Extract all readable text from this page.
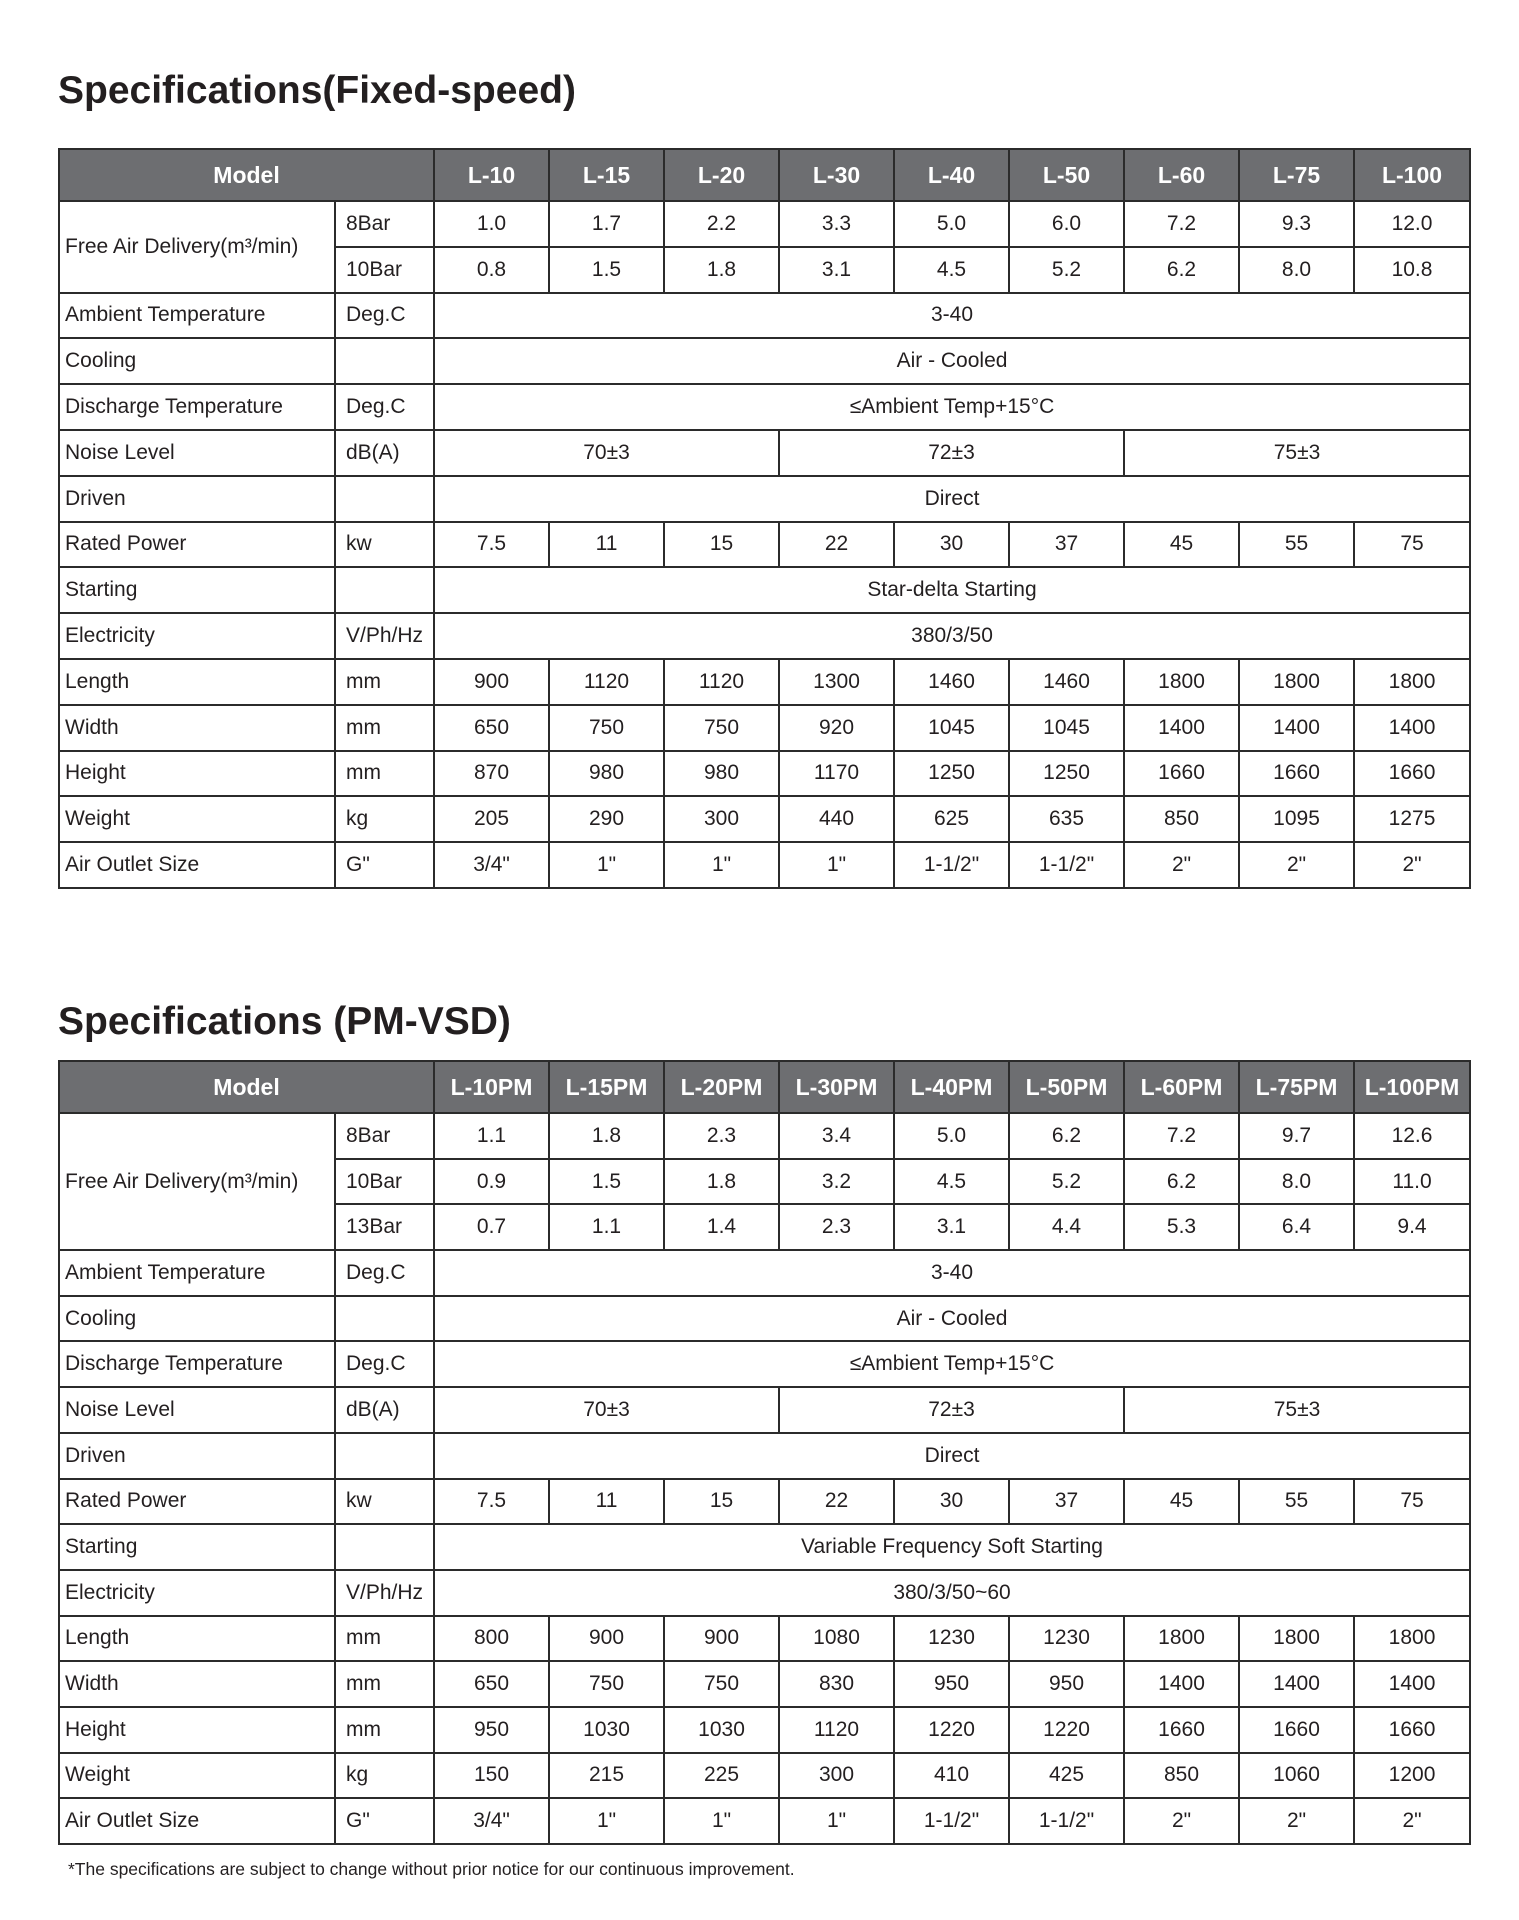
Specifications(Fixed-speed)
Model		L-10	L-15	L-20	L-30	L-40	L-50	L-60	L-75	L-100
Free Air Delivery(m³/min)	8Bar	1.0	1.7	2.2	3.3	5.0	6.0	7.2	9.3	12.0
	10Bar	0.8	1.5	1.8	3.1	4.5	5.2	6.2	8.0	10.8
Ambient Temperature	Deg.C	3-40								
Cooling		Air - Cooled								
Discharge Temperature	Deg.C	≤Ambient Temp+15°C								
Noise Level	dB(A)	70±3			72±3			75±3		
Driven		Direct								
Rated Power	kw	7.5	11	15	22	30	37	45	55	75
Starting		Star-delta Starting								
Electricity	V/Ph/Hz	380/3/50								
Length	mm	900	1120	1120	1300	1460	1460	1800	1800	1800
Width	mm	650	750	750	920	1045	1045	1400	1400	1400
Height	mm	870	980	980	1170	1250	1250	1660	1660	1660
Weight	kg	205	290	300	440	625	635	850	1095	1275
Air Outlet Size	G"	3/4"	1"	1"	1"	1-1/2"	1-1/2"	2"	2"	2"
Specifications (PM-VSD)
Model		L-10PM	L-15PM	L-20PM	L-30PM	L-40PM	L-50PM	L-60PM	L-75PM	L-100PM
Free Air Delivery(m³/min)	8Bar	1.1	1.8	2.3	3.4	5.0	6.2	7.2	9.7	12.6
	10Bar	0.9	1.5	1.8	3.2	4.5	5.2	6.2	8.0	11.0
	13Bar	0.7	1.1	1.4	2.3	3.1	4.4	5.3	6.4	9.4
Ambient Temperature	Deg.C	3-40								
Cooling		Air - Cooled								
Discharge Temperature	Deg.C	≤Ambient Temp+15°C								
Noise Level	dB(A)	70±3			72±3			75±3		
Driven		Direct								
Rated Power	kw	7.5	11	15	22	30	37	45	55	75
Starting		Variable Frequency Soft Starting								
Electricity	V/Ph/Hz	380/3/50~60								
Length	mm	800	900	900	1080	1230	1230	1800	1800	1800
Width	mm	650	750	750	830	950	950	1400	1400	1400
Height	mm	950	1030	1030	1120	1220	1220	1660	1660	1660
Weight	kg	150	215	225	300	410	425	850	1060	1200
Air Outlet Size	G"	3/4"	1"	1"	1"	1-1/2"	1-1/2"	2"	2"	2"

*The specifications are subject to change without prior notice for our continuous improvement.
